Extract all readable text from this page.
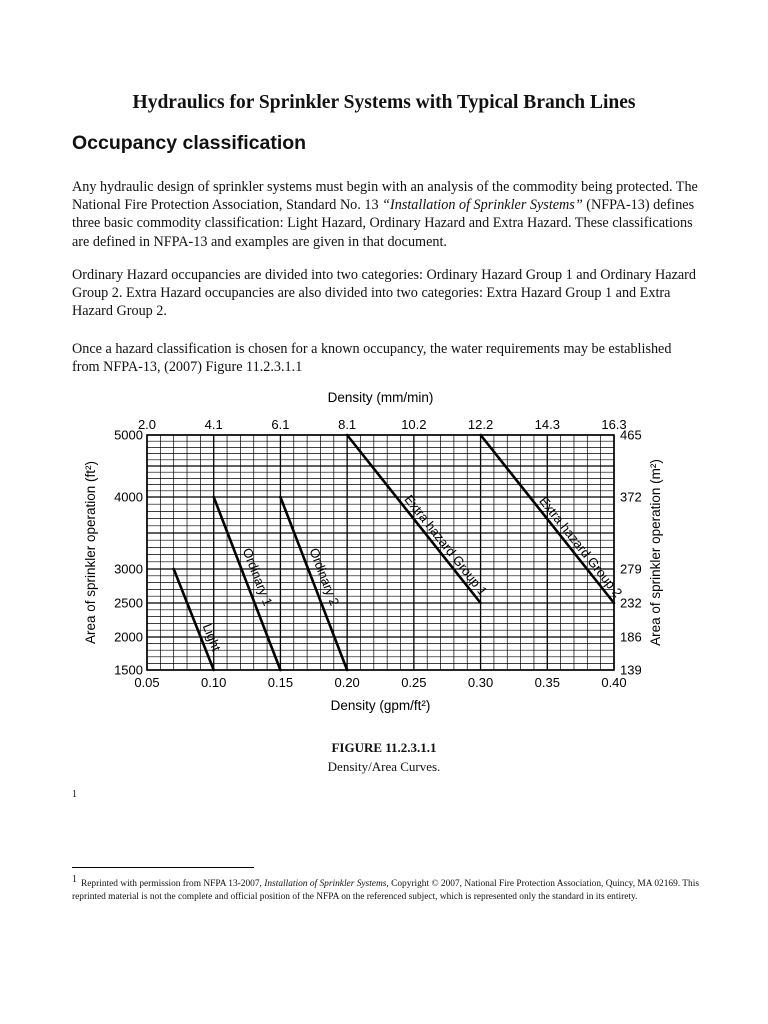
Hydraulics for Sprinkler Systems with Typical Branch Lines
Occupancy classification

Any hydraulic design of sprinkler systems must begin with an analysis of the commodity being protected. The National Fire Protection Association, Standard No. 13 “Installation of Sprinkler Systems” (NFPA-13) defines three basic commodity classification: Light Hazard, Ordinary Hazard and Extra Hazard. These classifications are defined in NFPA-13 and examples are given in that document.

Ordinary Hazard occupancies are divided into two categories: Ordinary Hazard Group 1 and Ordinary Hazard Group 2. Extra Hazard occupancies are also divided into two categories: Extra Hazard Group 1 and Extra Hazard Group 2.

Once a hazard classification is chosen for a known occupancy, the water requirements may be established from NFPA-13, (2007) Figure 11.2.3.1.1

Light
Ordinary 1 Ordinary 2	Extra hazard Group 1	Extra hazard Group 2
0.05	0.10	0.15	0.20	0.25	0.30	0.35	0.40
2.0	4.1	6.1	8.1	10.2	12.2	14.3	16.3
1500
2000
2500
3000
4000
5000
139
186
232
279
372
465
Density (gpm/ft²)
Density (mm/min)
Area of sprinkler operation (ft²)	Area of sprinkler operation (m²)
FIGURE 11.2.3.1.1
Density/Area Curves.
1
$^1$ Reprinted with permission from NFPA 13-2007, Installation of Sprinkler Systems, Copyright © 2007, National Fire Protection Association, Quincy, MA 02169. This reprinted material is not the complete and official position of the NFPA on the referenced subject, which is represented only the standard in its entirety.
